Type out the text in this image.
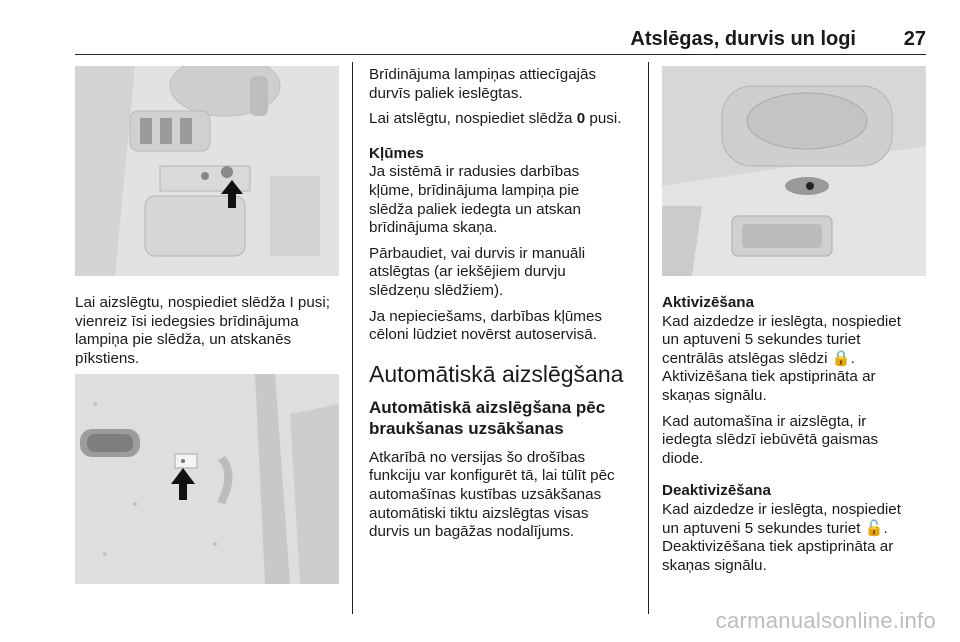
Atslēgas, durvis un logi 27

Lai aizslēgtu, nospiediet slēdža I pusi;
vienreiz īsi iedegsies brīdinājuma
lampiņa pie slēdža, un atskanēs
pīkstiens.

Brīdinājuma lampiņas attiecīgajās
durvīs paliek ieslēgtas.

Lai atslēgtu, nospiediet slēdža 0 pusi.

Kļūmes

Ja sistēmā ir radusies darbības
kļūme, brīdinājuma lampiņa pie
slēdža paliek iedegta un atskan
brīdinājuma skaņa.

Pārbaudiet, vai durvis ir manuāli
atslēgtas (ar iekšējiem durvju
slēdzeņu slēdžiem).

Ja nepieciešams, darbības kļūmes
cēloni lūdziet novērst autoservisā.

Automātiskā aizslēgšana
Automātiskā aizslēgšana pēc
braukšanas uzsākšanas

Atkarībā no versijas šo drošības
funkciju var konfigurēt tā, lai tūlīt pēc
automašīnas kustības uzsākšanas
automātiski tiktu aizslēgtas visas
durvis un bagāžas nodalījums.

Aktivizēšana

Kad aizdedze ir ieslēgta, nospiediet
un aptuveni 5 sekundes turiet
centrālās atslēgas slēdzi 🔒.
Aktivizēšana tiek apstiprināta ar
skaņas signālu.

Kad automašīna ir aizslēgta, ir
iedegta slēdzī iebūvētā gaismas
diode.

Deaktivizēšana

Kad aizdedze ir ieslēgta, nospiediet
un aptuveni 5 sekundes turiet 🔓.
Deaktivizēšana tiek apstiprināta ar
skaņas signālu.

carmanualsonline.info
